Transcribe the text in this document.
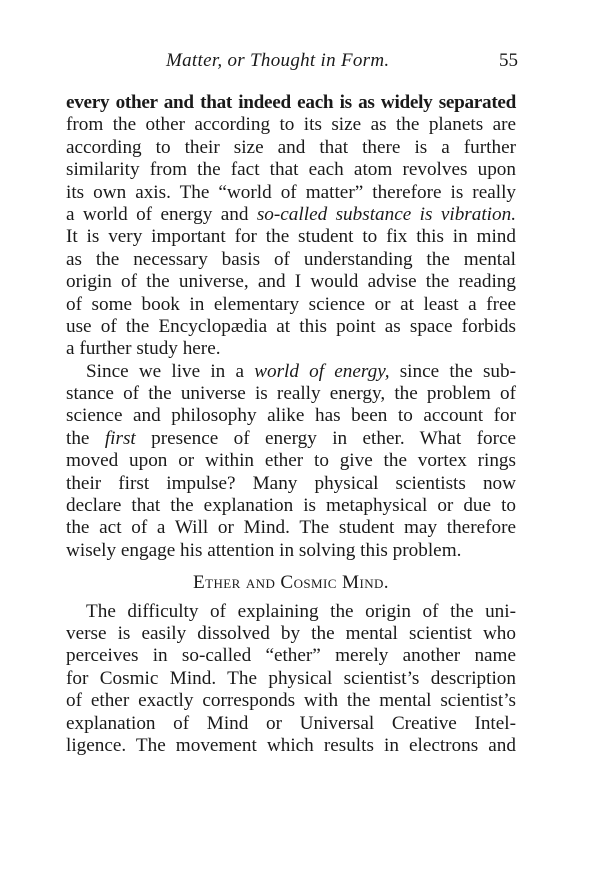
Matter, or Thought in Form.	55
every other and that indeed each is as widely separated
from the other according to its size as the planets are
according to their size and that there is a further
similarity from the fact that each atom revolves upon
its own axis. The “world of matter” therefore is really
a world of energy and so-called substance is vibration.
It is very important for the student to fix this in mind
as the necessary basis of understanding the mental
origin of the universe, and I would advise the reading
of some book in elementary science or at least a free
use of the Encyclopædia at this point as space forbids
a further study here.
Since we live in a world of energy, since the sub-
stance of the universe is really energy, the problem of
science and philosophy alike has been to account for
the first presence of energy in ether. What force
moved upon or within ether to give the vortex rings
their first impulse? Many physical scientists now
declare that the explanation is metaphysical or due to
the act of a Will or Mind. The student may therefore
wisely engage his attention in solving this problem.
Ether and Cosmic Mind.
The difficulty of explaining the origin of the uni-
verse is easily dissolved by the mental scientist who
perceives in so-called “ether” merely another name
for Cosmic Mind. The physical scientist’s description
of ether exactly corresponds with the mental scientist’s
explanation of Mind or Universal Creative Intel-
ligence. The movement which results in electrons and
